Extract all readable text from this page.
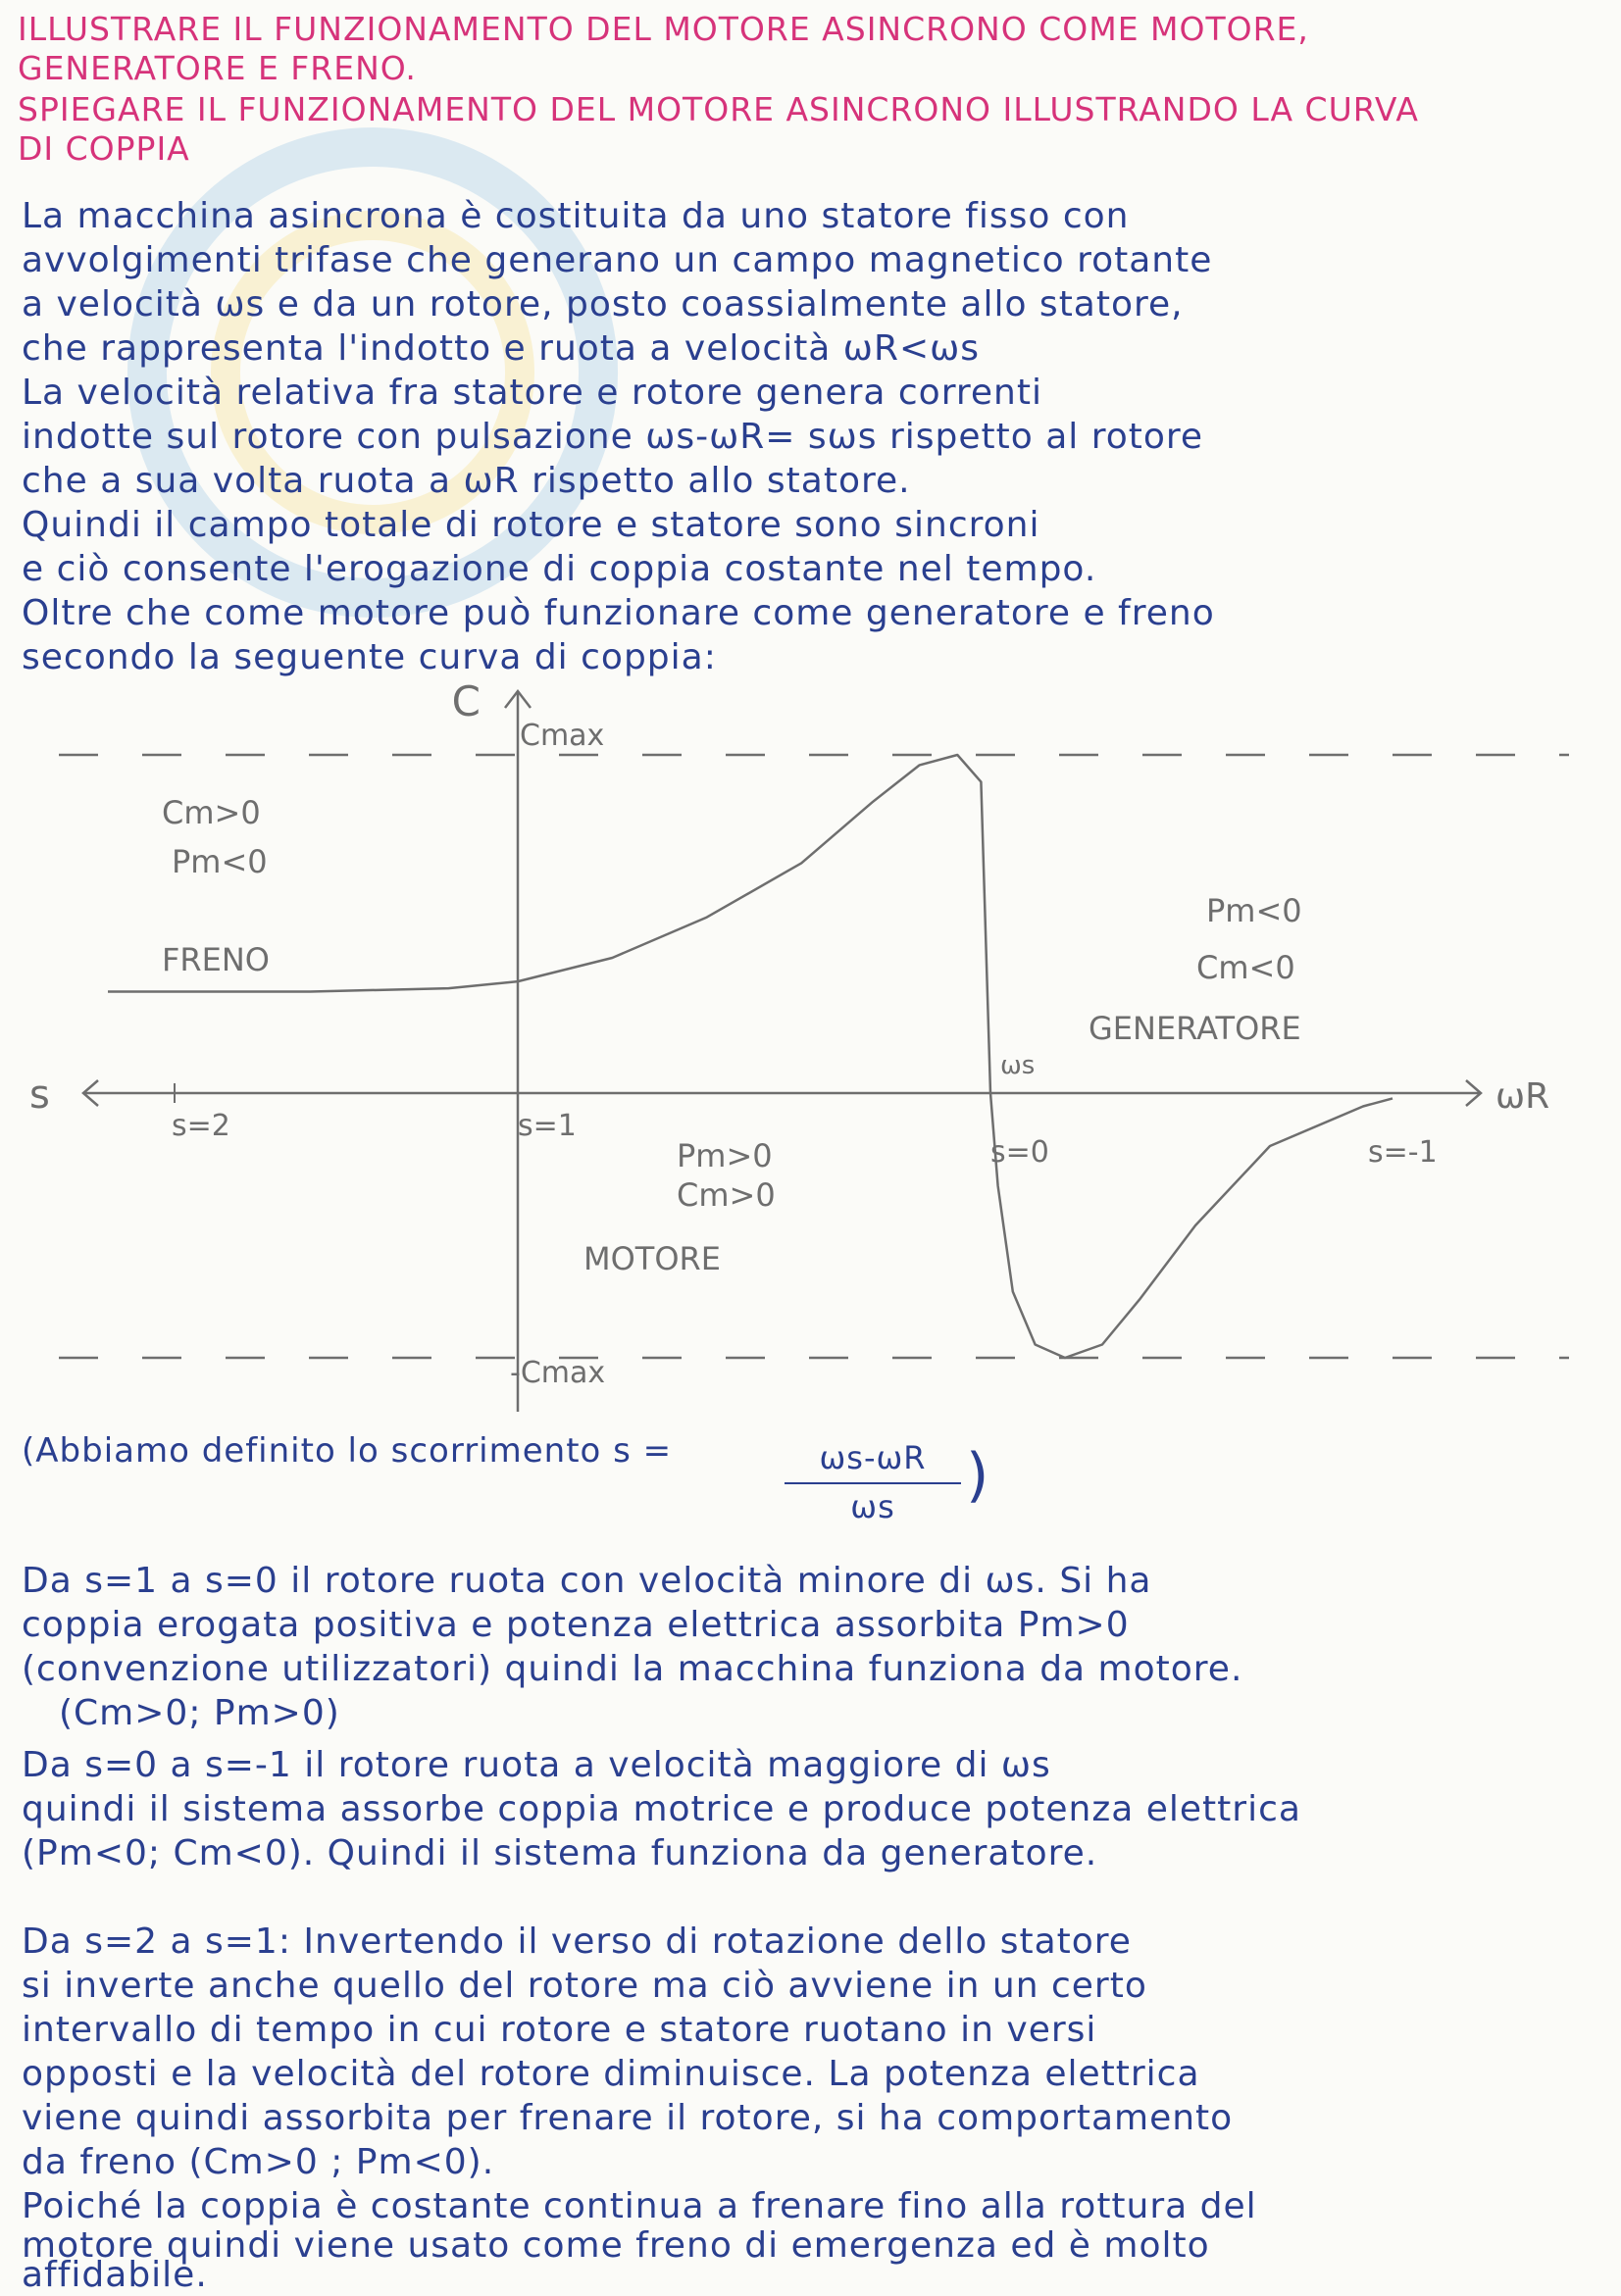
ILLUSTRARE IL FUNZIONAMENTO DEL MOTORE ASINCRONO COME MOTORE,
GENERATORE E FRENO.
SPIEGARE IL FUNZIONAMENTO DEL MOTORE ASINCRONO ILLUSTRANDO LA CURVA
DI COPPIA
La macchina asincrona è costituita da uno statore fisso con
avvolgimenti trifase che generano un campo magnetico rotante
a velocità ωs e da un rotore, posto coassialmente allo statore,
che rappresenta l'indotto e ruota a velocità ωR<ωs
La velocità relativa fra statore e rotore genera correnti
indotte sul rotore con pulsazione ωs-ωR= sωs rispetto al rotore
che a sua volta ruota a ωR rispetto allo statore.
Quindi il campo totale di rotore e statore sono sincroni
e ciò consente l'erogazione di coppia costante nel tempo.
Oltre che come motore può funzionare come generatore e freno
secondo la seguente curva di coppia:
C
ωR
s
Cmax
-Cmax
ωs
s=2	s=1
s=0	s=-1
Cm>0
Pm<0
FRENO
Pm>0
Cm>0
MOTORE
Pm<0
Cm<0
GENERATORE
(Abbiamo definito lo scorrimento s =	$\frac{\omega s-\omega R}{\omega s}$ )
Da s=1 a s=0 il rotore ruota con velocità minore di ωs. Si ha
coppia erogata positiva e potenza elettrica assorbita Pm>0
(convenzione utilizzatori) quindi la macchina funziona da motore.
(Cm>0; Pm>0)
Da s=0 a s=-1 il rotore ruota a velocità maggiore di ωs
quindi il sistema assorbe coppia motrice e produce potenza elettrica
(Pm<0; Cm<0). Quindi il sistema funziona da generatore.
Da s=2 a s=1: Invertendo il verso di rotazione dello statore
si inverte anche quello del rotore ma ciò avviene in un certo
intervallo di tempo in cui rotore e statore ruotano in versi
opposti e la velocità del rotore diminuisce. La potenza elettrica
viene quindi assorbita per frenare il rotore, si ha comportamento
da freno (Cm>0 ; Pm<0).
Poiché la coppia è costante continua a frenare fino alla rottura del
motore quindi viene usato come freno di emergenza ed è molto
affidabile.
